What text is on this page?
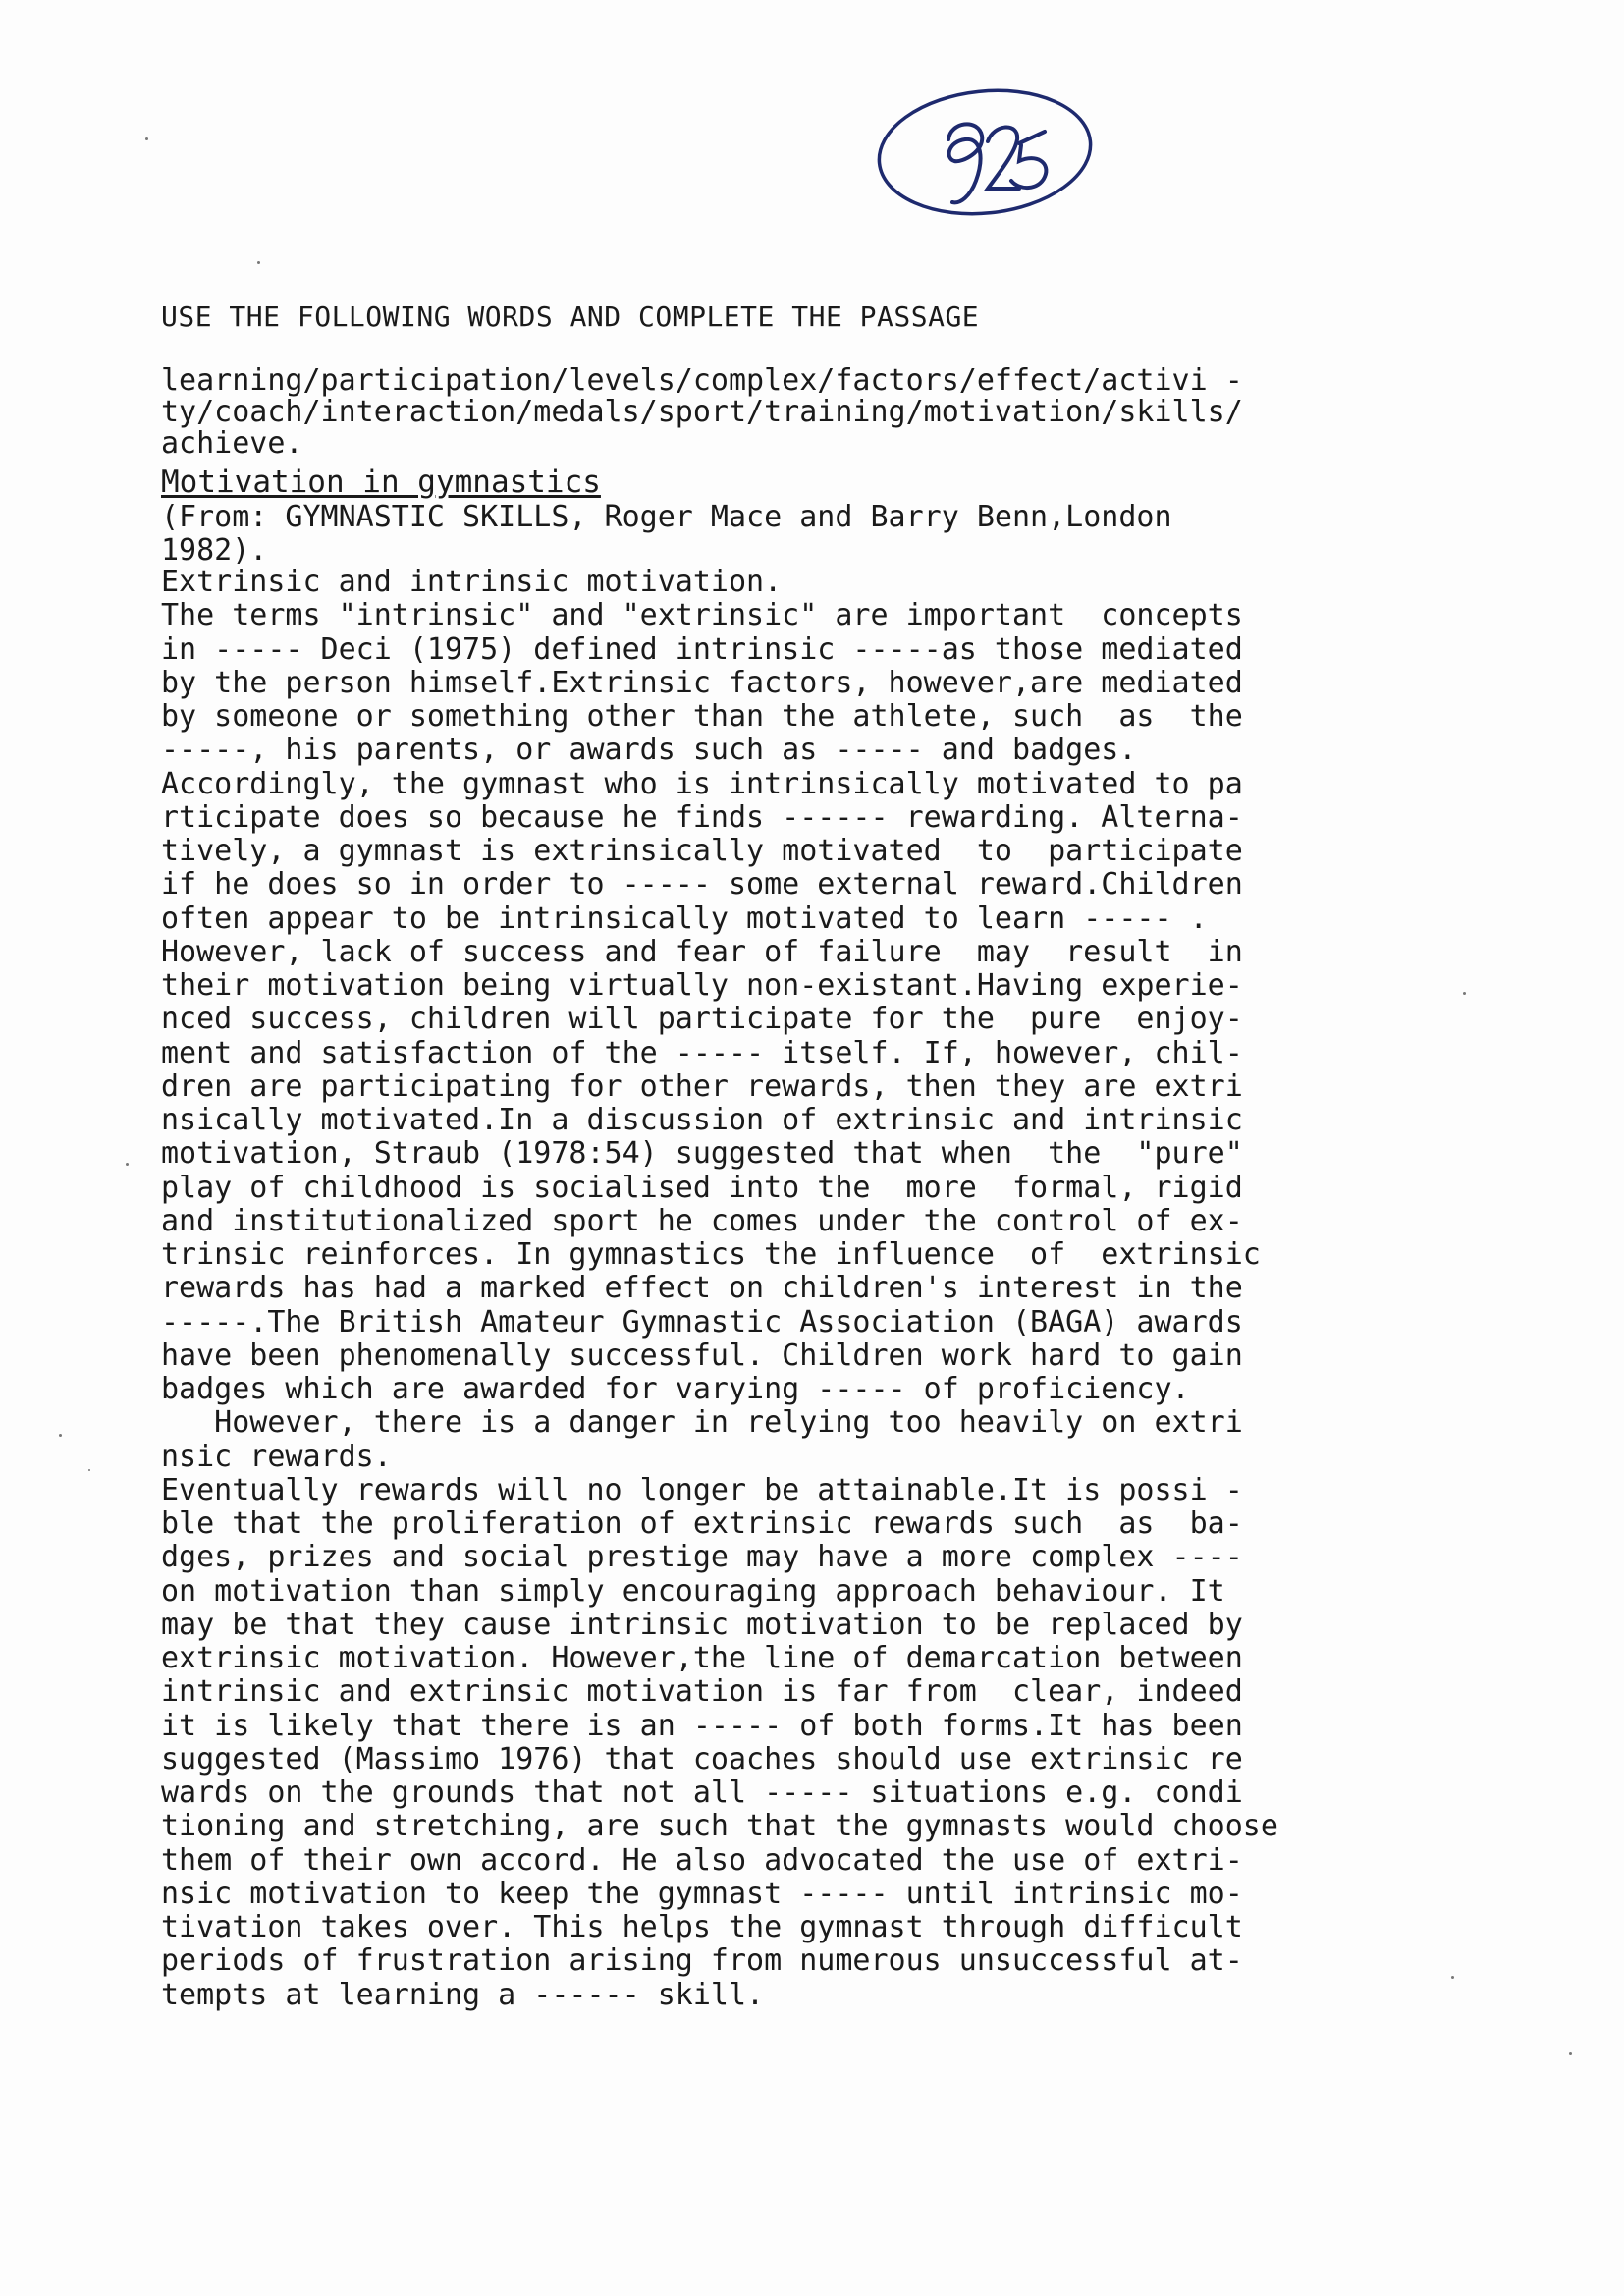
USE THE FOLLOWING WORDS AND COMPLETE THE PASSAGE
learning/participation/levels/complex/factors/effect/activi -
ty/coach/interaction/medals/sport/training/motivation/skills/
achieve.
Motivation in gymnastics
(From: GYMNASTIC SKILLS, Roger Mace and Barry Benn,London
1982).
Extrinsic and intrinsic motivation.
The terms "intrinsic" and "extrinsic" are important  concepts
in ----- Deci (1975) defined intrinsic -----as those mediated
by the person himself.Extrinsic factors, however,are mediated
by someone or something other than the athlete, such  as  the
-----, his parents, or awards such as ----- and badges.
Accordingly, the gymnast who is intrinsically motivated to pa
rticipate does so because he finds ------ rewarding. Alterna-
tively, a gymnast is extrinsically motivated  to  participate
if he does so in order to ----- some external reward.Children
often appear to be intrinsically motivated to learn ----- .
However, lack of success and fear of failure  may  result  in
their motivation being virtually non-existant.Having experie-
nced success, children will participate for the  pure  enjoy-
ment and satisfaction of the ----- itself. If, however, chil-
dren are participating for other rewards, then they are extri
nsically motivated.In a discussion of extrinsic and intrinsic
motivation, Straub (1978:54) suggested that when  the  "pure"
play of childhood is socialised into the  more  formal, rigid
and institutionalized sport he comes under the control of ex-
trinsic reinforces. In gymnastics the influence  of  extrinsic
rewards has had a marked effect on children's interest in the
-----.The British Amateur Gymnastic Association (BAGA) awards
have been phenomenally successful. Children work hard to gain
badges which are awarded for varying ----- of proficiency.
However, there is a danger in relying too heavily on extri
nsic rewards.
Eventually rewards will no longer be attainable.It is possi -
ble that the proliferation of extrinsic rewards such  as  ba-
dges, prizes and social prestige may have a more complex ----
on motivation than simply encouraging approach behaviour. It
may be that they cause intrinsic motivation to be replaced by
extrinsic motivation. However,the line of demarcation between
intrinsic and extrinsic motivation is far from  clear, indeed
it is likely that there is an ----- of both forms.It has been
suggested (Massimo 1976) that coaches should use extrinsic re
wards on the grounds that not all ----- situations e.g. condi
tioning and stretching, are such that the gymnasts would choose
them of their own accord. He also advocated the use of extri-
nsic motivation to keep the gymnast ----- until intrinsic mo-
tivation takes over. This helps the gymnast through difficult
periods of frustration arising from numerous unsuccessful at-
tempts at learning a ------ skill.
